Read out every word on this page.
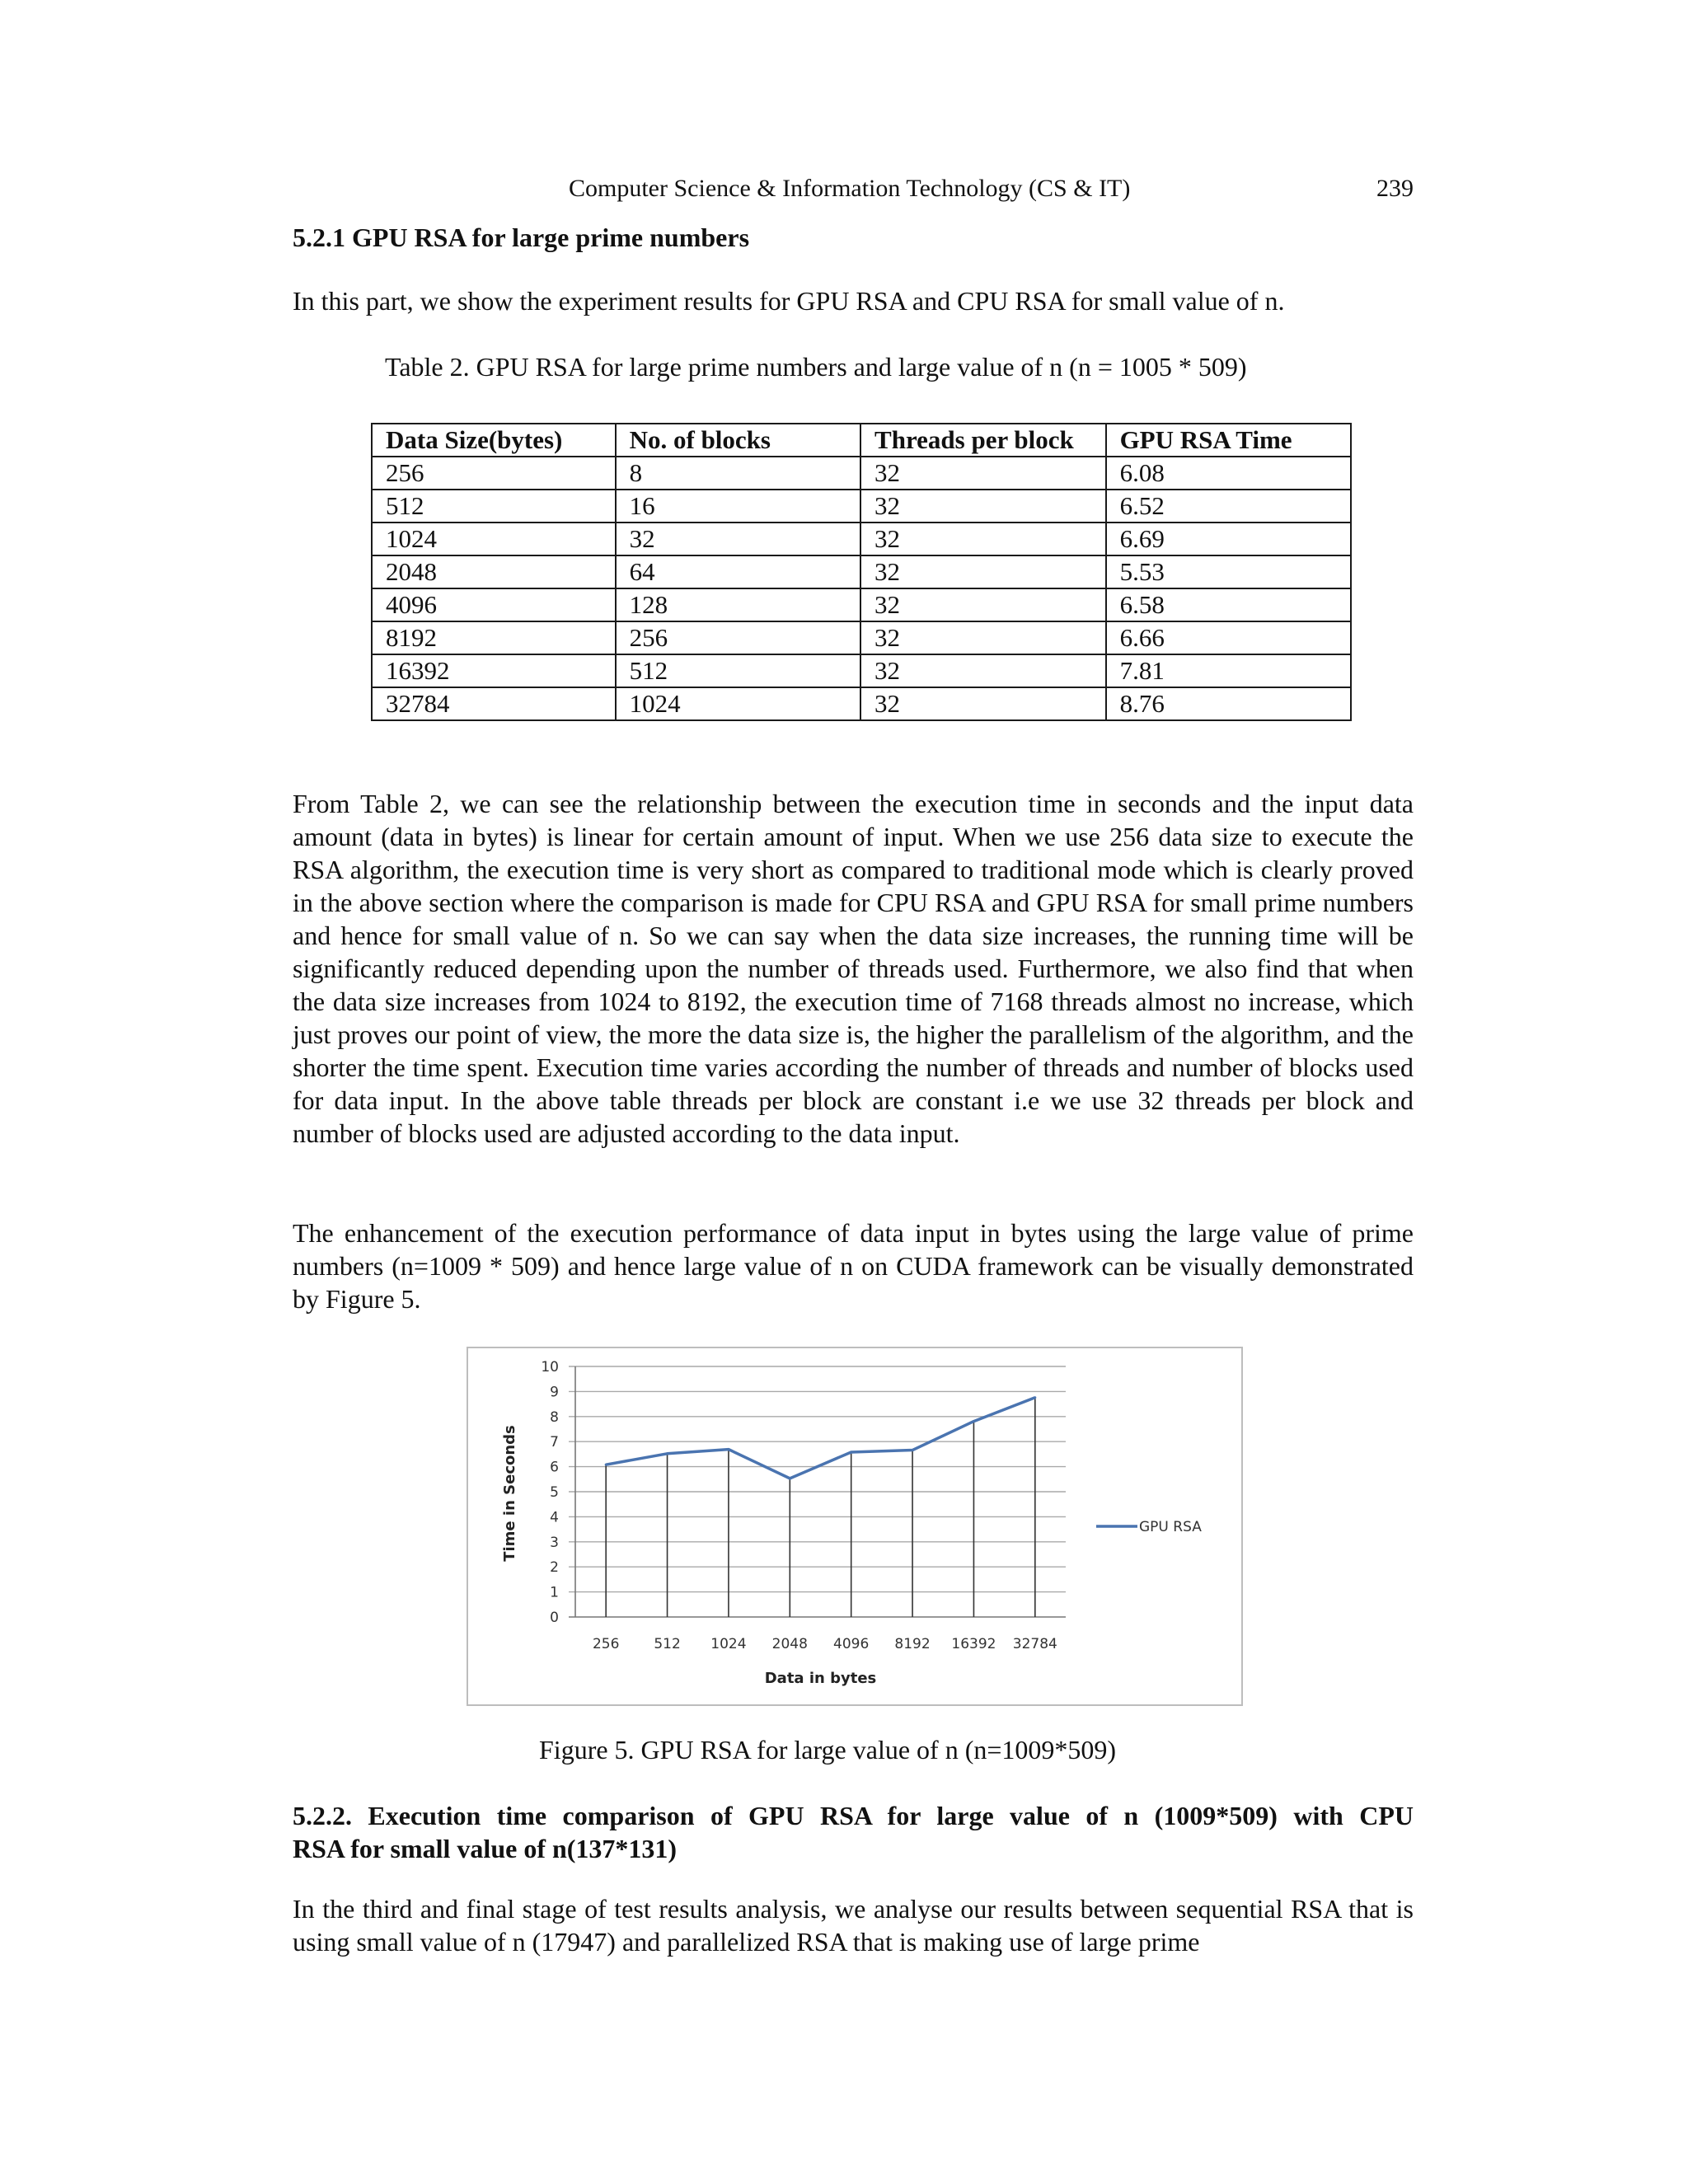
Computer Science & Information Technology (CS & IT)	239
5.2.1 GPU RSA for large prime numbers
In this part, we show the experiment results for GPU RSA and CPU RSA for small value of n.
Table 2. GPU RSA for large prime numbers and large value of n (n = 1005 * 509)
Data Size(bytes)	No. of blocks	Threads per block	GPU RSA Time
256	8	32	6.08
512	16	32	6.52
1024	32	32	6.69
2048	64	32	5.53
4096	128	32	6.58
8192	256	32	6.66
16392	512	32	7.81
32784	1024	32	8.76
From Table 2, we can see the relationship between the execution time in seconds and the input data amount (data in bytes) is linear for certain amount of input. When we use 256 data size to execute the RSA algorithm, the execution time is very short as compared to traditional mode which is clearly proved in the above section where the comparison is made for CPU RSA and GPU RSA for small prime numbers and hence for small value of n. So we can say when the data size increases, the running time will be significantly reduced depending upon the number of threads used. Furthermore, we also find that when the data size increases from 1024 to 8192, the execution time of 7168 threads almost no increase, which just proves our point of view, the more the data size is, the higher the parallelism of the algorithm, and the shorter the time spent. Execution time varies according the number of threads and number of blocks used for data input. In the above table threads per block are constant i.e we use 32 threads per block and number of blocks used are adjusted according to the data input.
The enhancement of the execution performance of data input in bytes using the large value of prime numbers (n=1009 * 509) and hence large value of n on CUDA framework can be visually demonstrated by Figure 5.
0
1
2
3
4
5
6
7
8
9
10
256 512 1024 2048 4096 8192 16392 32784
Data in bytes
Time in Seconds	GPU RSA
Figure 5. GPU RSA for large value of n (n=1009*509)
5.2.2. Execution time comparison of GPU RSA for large value of n (1009*509) with CPU
RSA for small value of n(137*131)
In the third and final stage of test results analysis, we analyse our results between sequential RSA that is using small value of n (17947) and parallelized RSA that is making use of large prime
